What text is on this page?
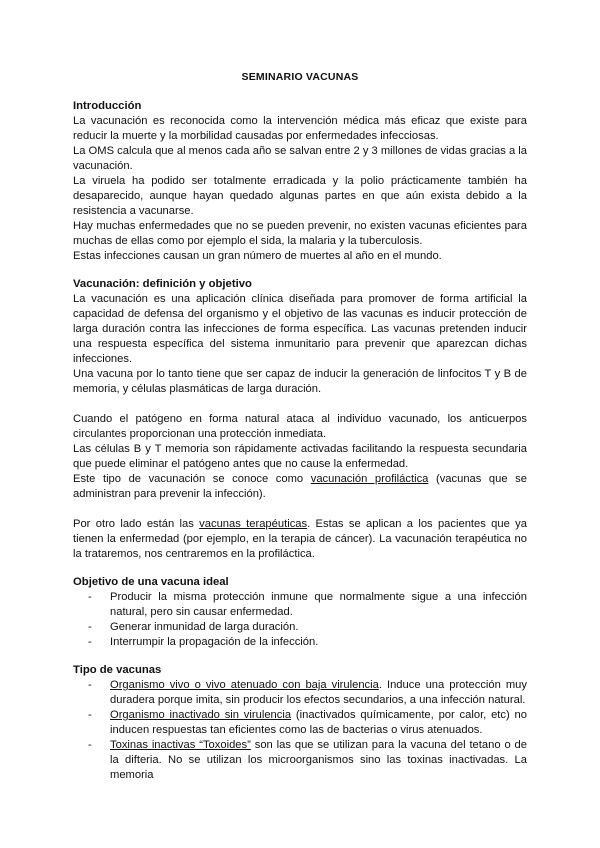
SEMINARIO VACUNAS
Introducción

La vacunación es reconocida como la intervención médica más eficaz que existe para reducir la muerte y la morbilidad causadas por enfermedades infecciosas.

La OMS calcula que al menos cada año se salvan entre 2 y 3 millones de vidas gracias a la vacunación.

La viruela ha podido ser totalmente erradicada y la polio prácticamente también ha desaparecido, aunque hayan quedado algunas partes en que aún exista debido a la resistencia a vacunarse.

Hay muchas enfermedades que no se pueden prevenir, no existen vacunas eficientes para muchas de ellas como por ejemplo el sida, la malaria y la tuberculosis.

Estas infecciones causan un gran número de muertes al año en el mundo.

Vacunación: definición y objetivo

La vacunación es una aplicación clínica diseñada para promover de forma artificial la capacidad de defensa del organismo y el objetivo de las vacunas es inducir protección de larga duración contra las infecciones de forma específica. Las vacunas pretenden inducir una respuesta específica del sistema inmunitario para prevenir que aparezcan dichas infecciones.

Una vacuna por lo tanto tiene que ser capaz de inducir la generación de linfocitos T y B de memoria, y células plasmáticas de larga duración.

Cuando el patógeno en forma natural ataca al individuo vacunado, los anticuerpos circulantes proporcionan una protección inmediata.

Las células B y T memoria son rápidamente activadas facilitando la respuesta secundaria que puede eliminar el patógeno antes que no cause la enfermedad.

Este tipo de vacunación se conoce como vacunación profiláctica (vacunas que se administran para prevenir la infección).

Por otro lado están las vacunas terapéuticas. Estas se aplican a los pacientes que ya tienen la enfermedad (por ejemplo, en la terapia de cáncer). La vacunación terapéutica no la trataremos, nos centraremos en la profiláctica.

Objetivo de una vacuna ideal
- Producir la misma protección inmune que normalmente sigue a una infección natural, pero sin causar enfermedad.
- Generar inmunidad de larga duración.
- Interrumpir la propagación de la infección.
Tipo de vacunas
- Organismo vivo o vivo atenuado con baja virulencia. Induce una protección muy duradera porque imita, sin producir los efectos secundarios, a una infección natural.
- Organismo inactivado sin virulencia (inactivados químicamente, por calor, etc) no inducen respuestas tan eficientes como las de bacterias o virus atenuados.
- Toxinas inactivas “Toxoides” son las que se utilizan para la vacuna del tetano o de la difteria. No se utilizan los microorganismos sino las toxinas inactivadas. La memoria
